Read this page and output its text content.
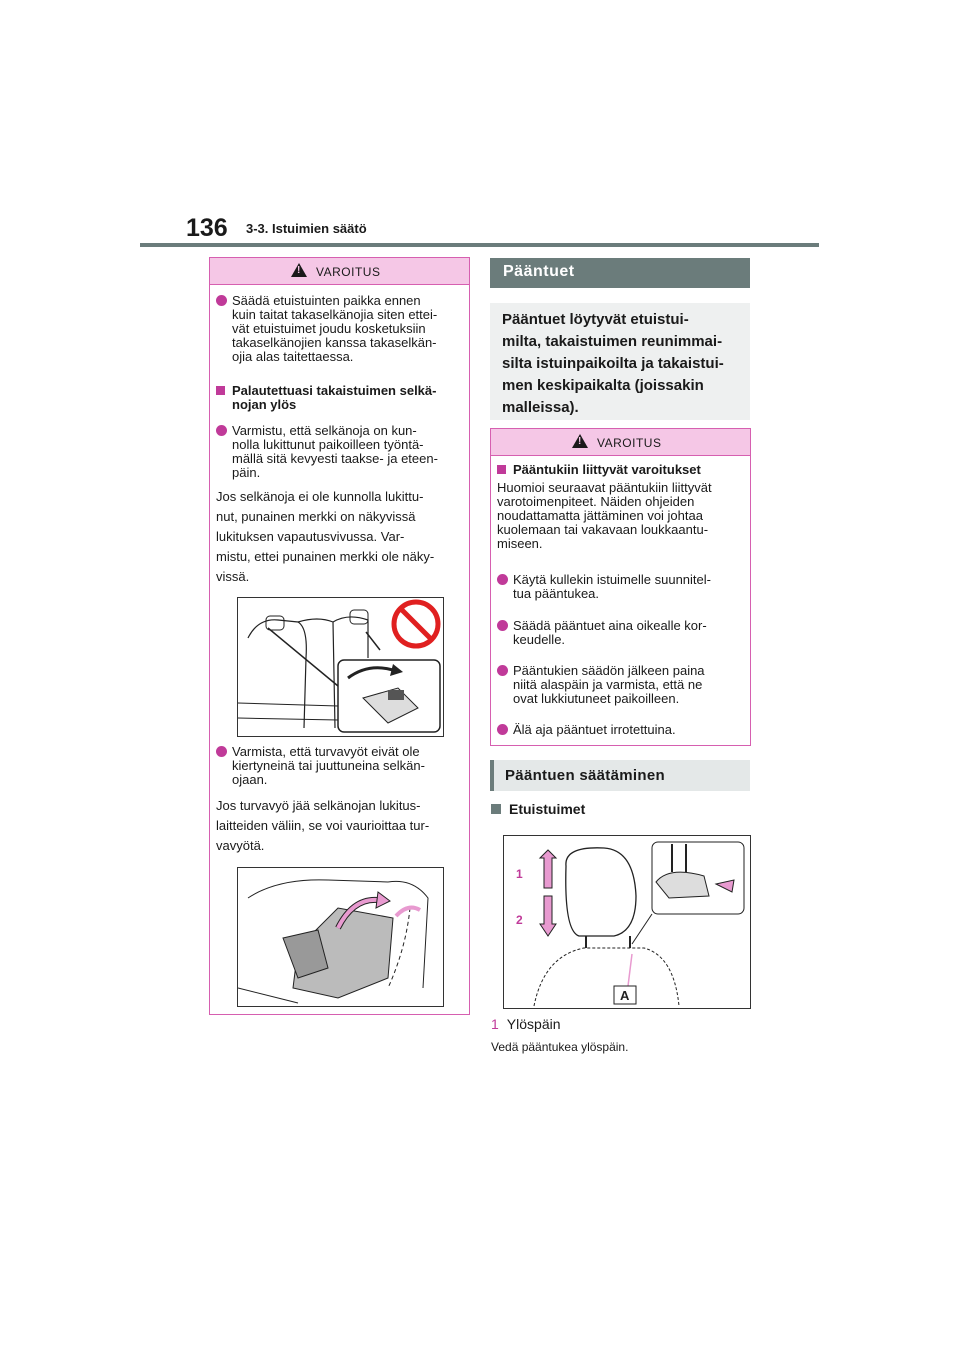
136 3-3. Istuimien säätö
!
VAROITUS
Säädä etuistuinten paikka ennen
kuin taitat takaselkänojia siten ettei-
vät etuistuimet joudu kosketuksiin
takaselkänojien kanssa takaselkän-
ojia alas taitettaessa.
Palautettuasi takaistuimen selkä-
nojan ylös
Varmistu, että selkänoja on kun-
nolla lukittunut paikoilleen työntä-
mällä sitä kevyesti taakse- ja eteen-
päin.
Jos selkänoja ei ole kunnolla lukittu-
nut, punainen merkki on näkyvissä
lukituksen vapautusvivussa. Var-
mistu, ettei punainen merkki ole näky-
vissä.
Varmista, että turvavyöt eivät ole
kiertyneinä tai juuttuneina selkän-
ojaan.
Jos turvavyö jää selkänojan lukitus-
laitteiden väliin, se voi vaurioittaa tur-
vavyötä.
Pääntuet

Pääntuet löytyvät etuistui-

milta, takaistuimen reunimmai-

silta istuinpaikoilta ja takaistui-

men keskipaikalta (joissakin

malleissa).

!
VAROITUS
Pääntukiin liittyvät varoitukset
Huomioi seuraavat pääntukiin liittyvät
varotoimenpiteet. Näiden ohjeiden
noudattamatta jättäminen voi johtaa
kuolemaan tai vakavaan loukkaantu-
miseen.
Käytä kullekin istuimelle suunnitel-
tua pääntukea.
Säädä pääntuet aina oikealle kor-
keudelle.
Pääntukien säädön jälkeen paina
niitä alaspäin ja varmista, että ne
ovat lukkiutuneet paikoilleen.
Älä aja pääntuet irrotettuina.
Pääntuen säätäminen
Etuistuimet
1
2
A
1 Ylöspäin
Vedä pääntukea ylöspäin.
